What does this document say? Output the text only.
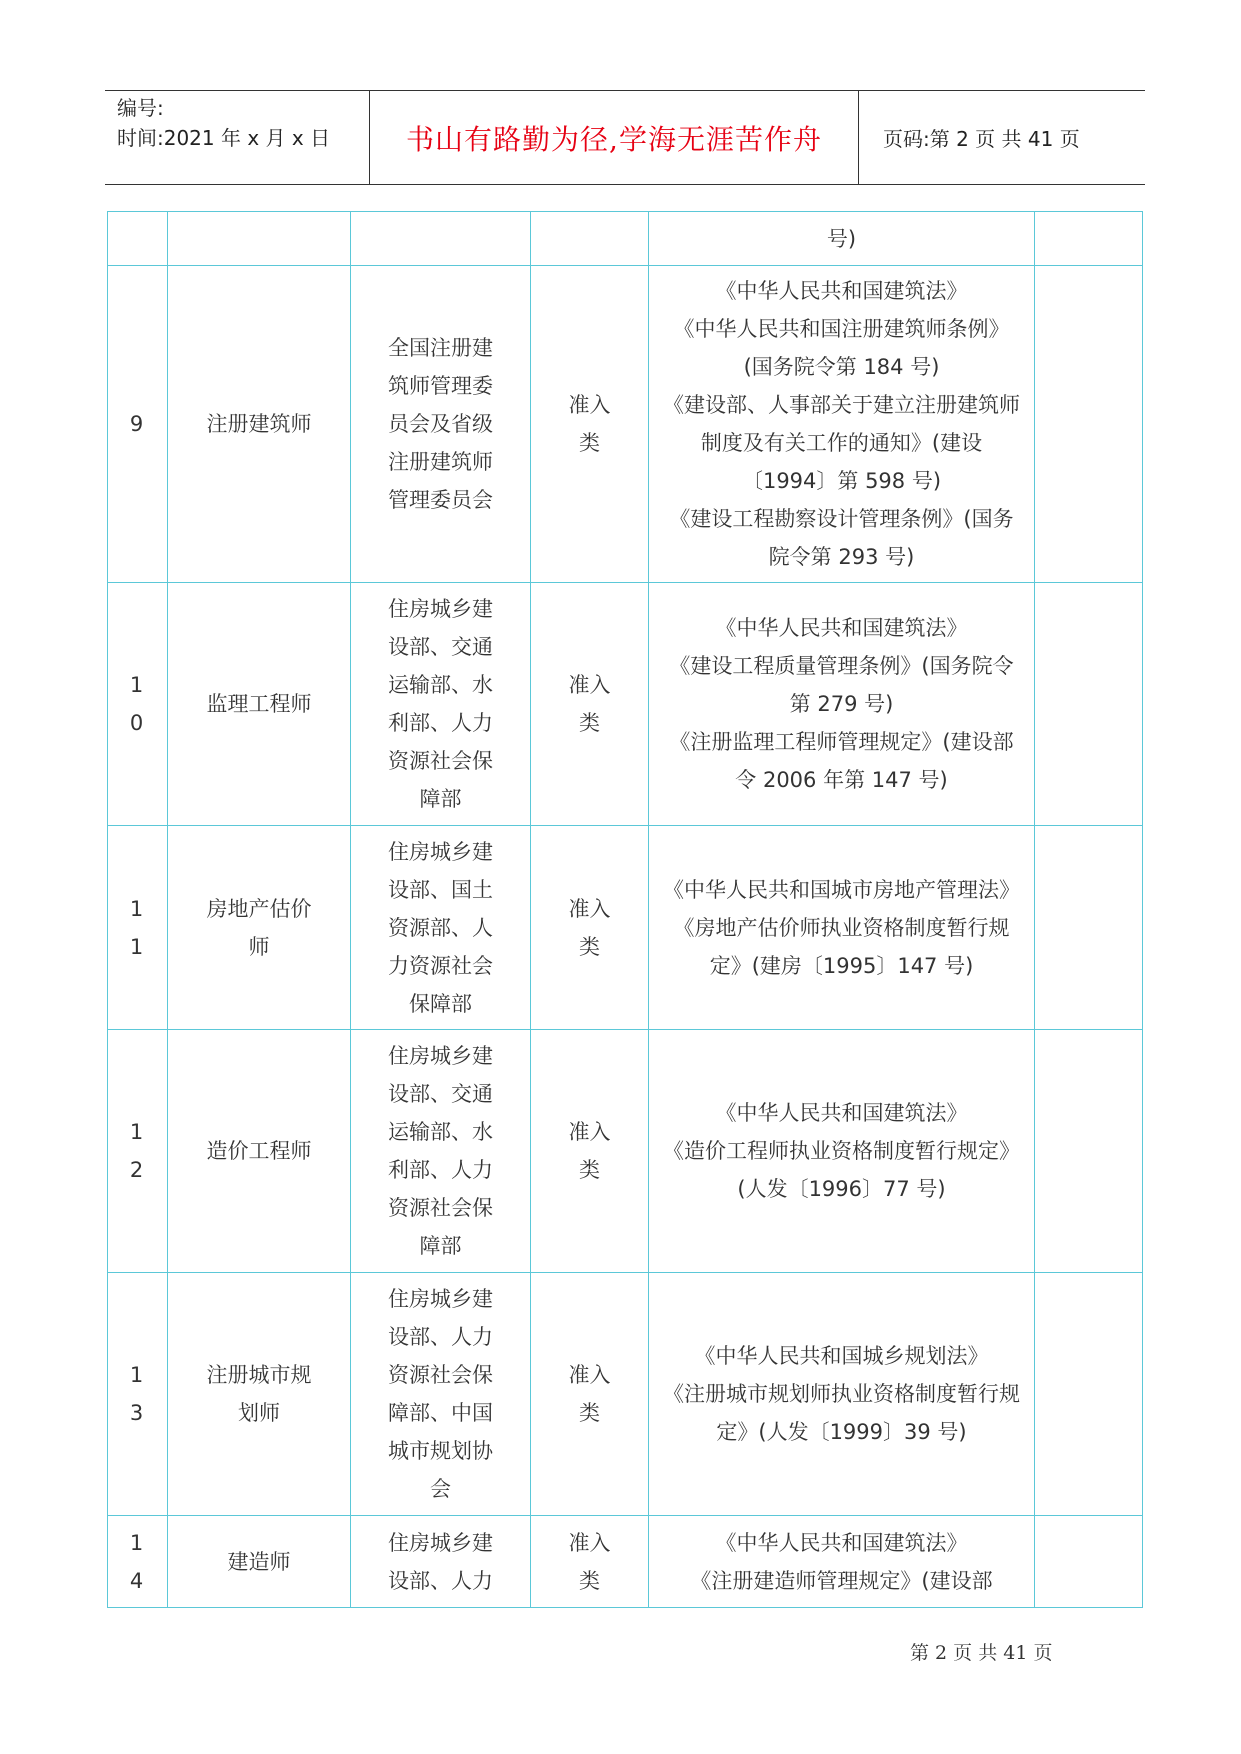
编号:
时间:2021 年 x 月 x 日	书山有路勤为径,学海无涯苦作舟	页码:第 2 页 共 41 页
				号)	
9	注册建筑师	全国注册建筑师管理委员会及省级注册建筑师管理委员会	准入类	《中华人民共和国建筑法》
《中华人民共和国注册建筑师条例》(国务院令第 184 号)
《建设部、人事部关于建立注册建筑师制度及有关工作的通知》(建设〔1994〕第 598 号)
《建设工程勘察设计管理条例》(国务院令第 293 号)	

10	监理工程师	住房城乡建设部、交通运输部、水利部、人力资源社会保障部	准入类	《中华人民共和国建筑法》
《建设工程质量管理条例》(国务院令第 279 号)
《注册监理工程师管理规定》(建设部令 2006 年第 147 号)	

11	房地产估价师	住房城乡建设部、国土资源部、人力资源社会保障部	准入类	《中华人民共和国城市房地产管理法》
《房地产估价师执业资格制度暂行规定》(建房〔1995〕147 号)	

12	造价工程师	住房城乡建设部、交通运输部、水利部、人力资源社会保障部	准入类	《中华人民共和国建筑法》
《造价工程师执业资格制度暂行规定》(人发〔1996〕77 号)	

13	注册城市规划师	住房城乡建设部、人力资源社会保障部、中国城市规划协会	准入类	《中华人民共和国城乡规划法》
《注册城市规划师执业资格制度暂行规定》(人发〔1999〕39 号)	

14	建造师	住房城乡建设部、人力	准入类	《中华人民共和国建筑法》
《注册建造师管理规定》(建设部	

第 2 页 共 41 页
